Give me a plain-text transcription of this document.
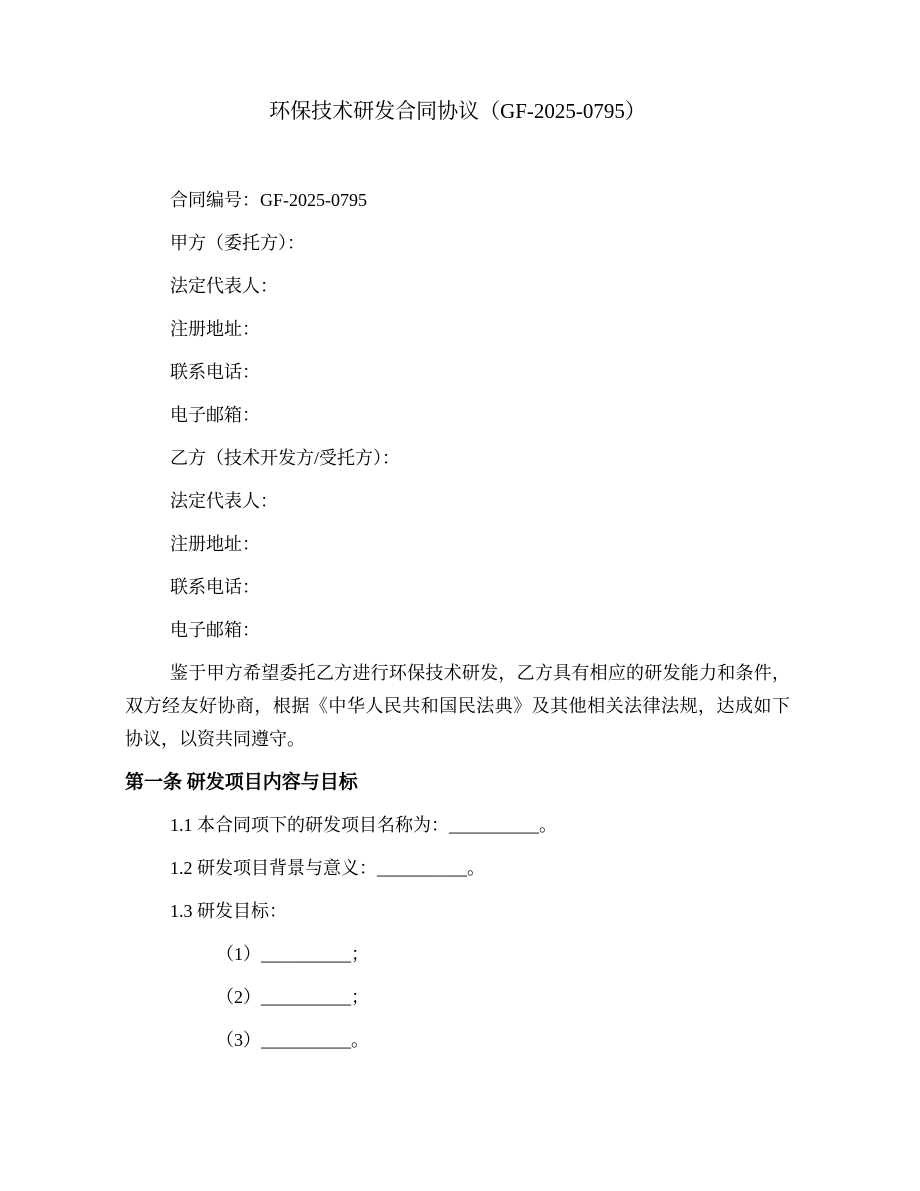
环保技术研发合同协议（GF-2025-0795）

合同编号：GF-2025-0795

甲方（委托方）：

法定代表人：

注册地址：

联系电话：

电子邮箱：

乙方（技术开发方/受托方）：

法定代表人：

注册地址：

联系电话：

电子邮箱：

鉴于甲方希望委托乙方进行环保技术研发，乙方具有相应的研发能力和条件，双方经友好协商，根据《中华人民共和国民法典》及其他相关法律法规，达成如下协议，以资共同遵守。

第一条 研发项目内容与目标

1.1 本合同项下的研发项目名称为：__________。

1.2 研发项目背景与意义：__________。

1.3 研发目标：

（1）__________；

（2）__________；

（3）__________。
